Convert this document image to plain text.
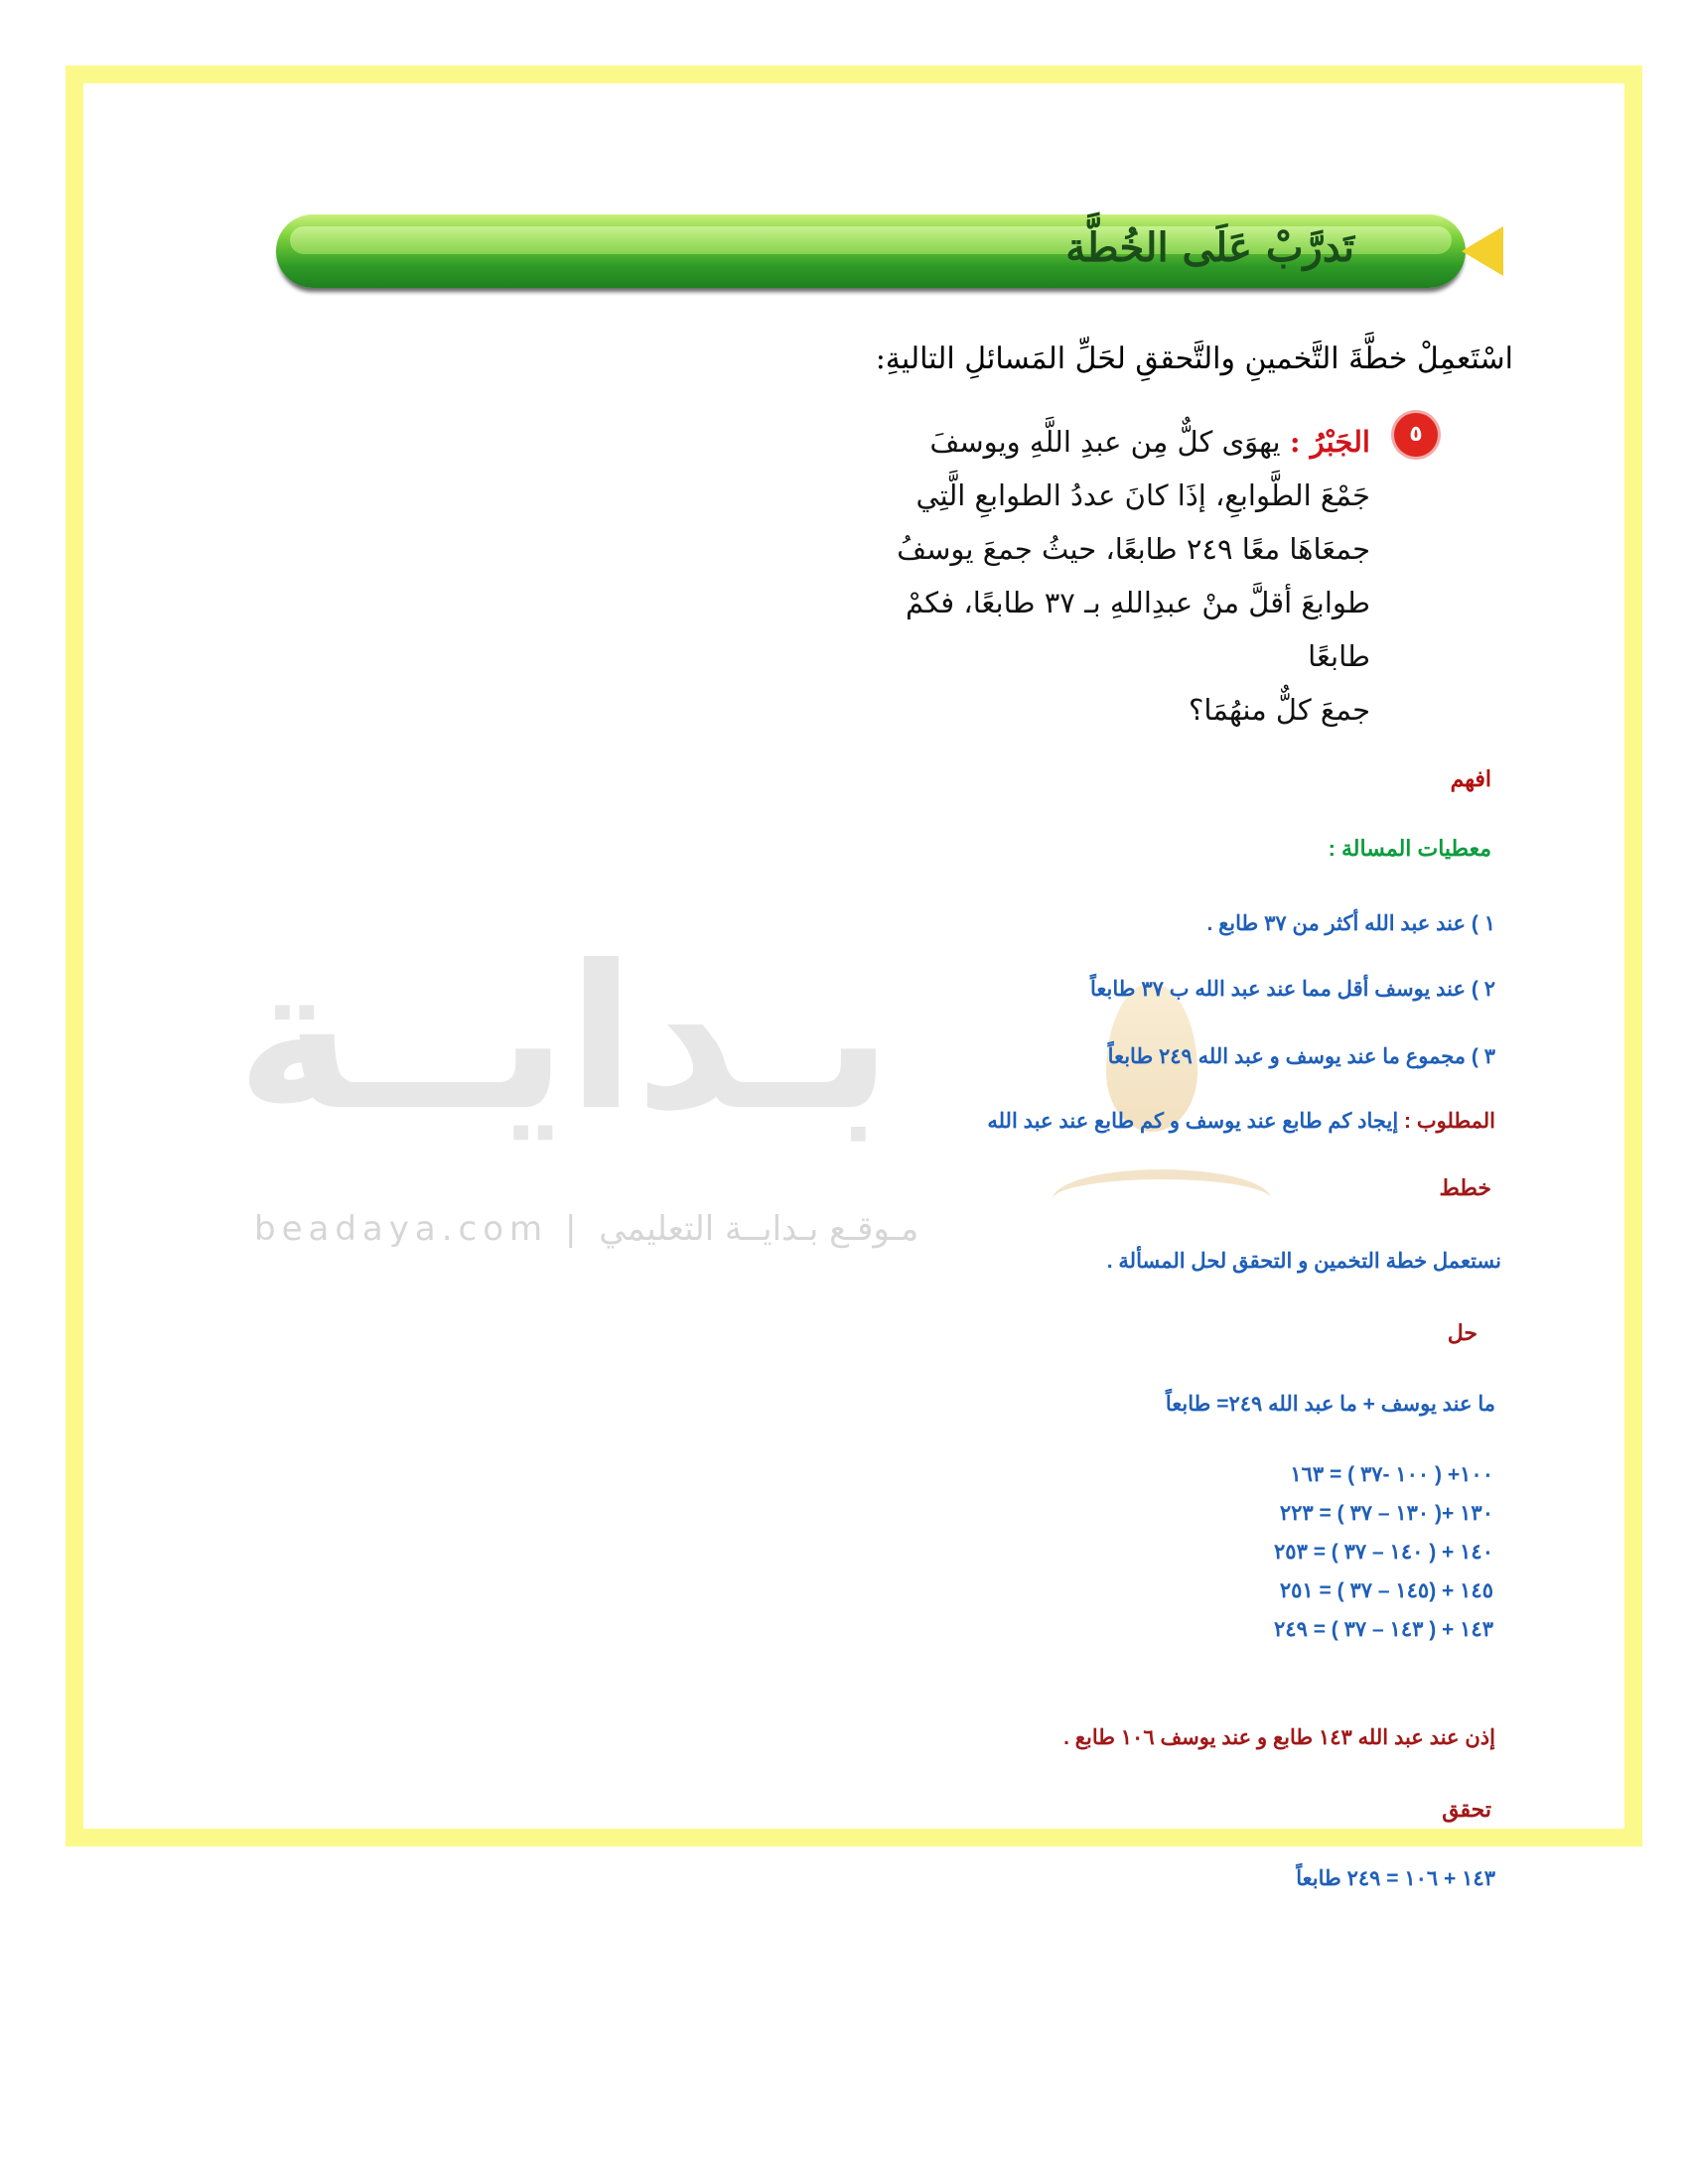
بـدايــة
beadaya.com | مـوقـع بـدايــة التعليمي
تَدرَّبْ عَلَى الخُطَّة
اسْتَعمِلْ خطَّةَ التَّخمينِ والتَّحققِ لحَلِّ المَسائلِ التاليةِ:
٥
الجَبْرُ : يهوَى كلٌّ مِن عبدِ اللَّهِ ويوسفَ
جَمْعَ الطَّوابعِ، إذَا كانَ عددُ الطوابعِ الَّتِي
جمعَاهَا معًا ٢٤٩ طابعًا، حيثُ جمعَ يوسفُ
طوابعَ أقلَّ منْ عبدِاللهِ بـ ٣٧ طابعًا، فكمْ طابعًا
جمعَ كلٌّ منهُمَا؟
افهم
معطيات المسالة :
١ ) عند عبد الله أكثر من ٣٧ طابع .
٢ ) عند يوسف أقل مما عند عبد الله ب ٣٧ طابعاً
٣ ) مجموع ما عند يوسف و عبد الله ٢٤٩ طابعاً
المطلوب : إيجاد كم طابع عند يوسف و كم طابع عند عبد الله
خطط
نستعمل خطة التخمين و التحقق لحل المسألة .
حل
ما عند يوسف + ما عبد الله ٢٤٩= طابعاً
١٠٠+ ( ١٠٠ -٣٧ ) = ١٦٣
١٣٠ +( ١٣٠ – ٣٧ ) = ٢٢٣
١٤٠ + ( ١٤٠ – ٣٧ ) = ٢٥٣
١٤٥ + (١٤٥ – ٣٧ ) = ٢٥١
١٤٣ + ( ١٤٣ – ٣٧ ) = ٢٤٩
إذن عند عبد الله ١٤٣ طابع و عند يوسف ١٠٦ طابع .
تحقق
١٤٣ + ١٠٦ = ٢٤٩ طابعاً
